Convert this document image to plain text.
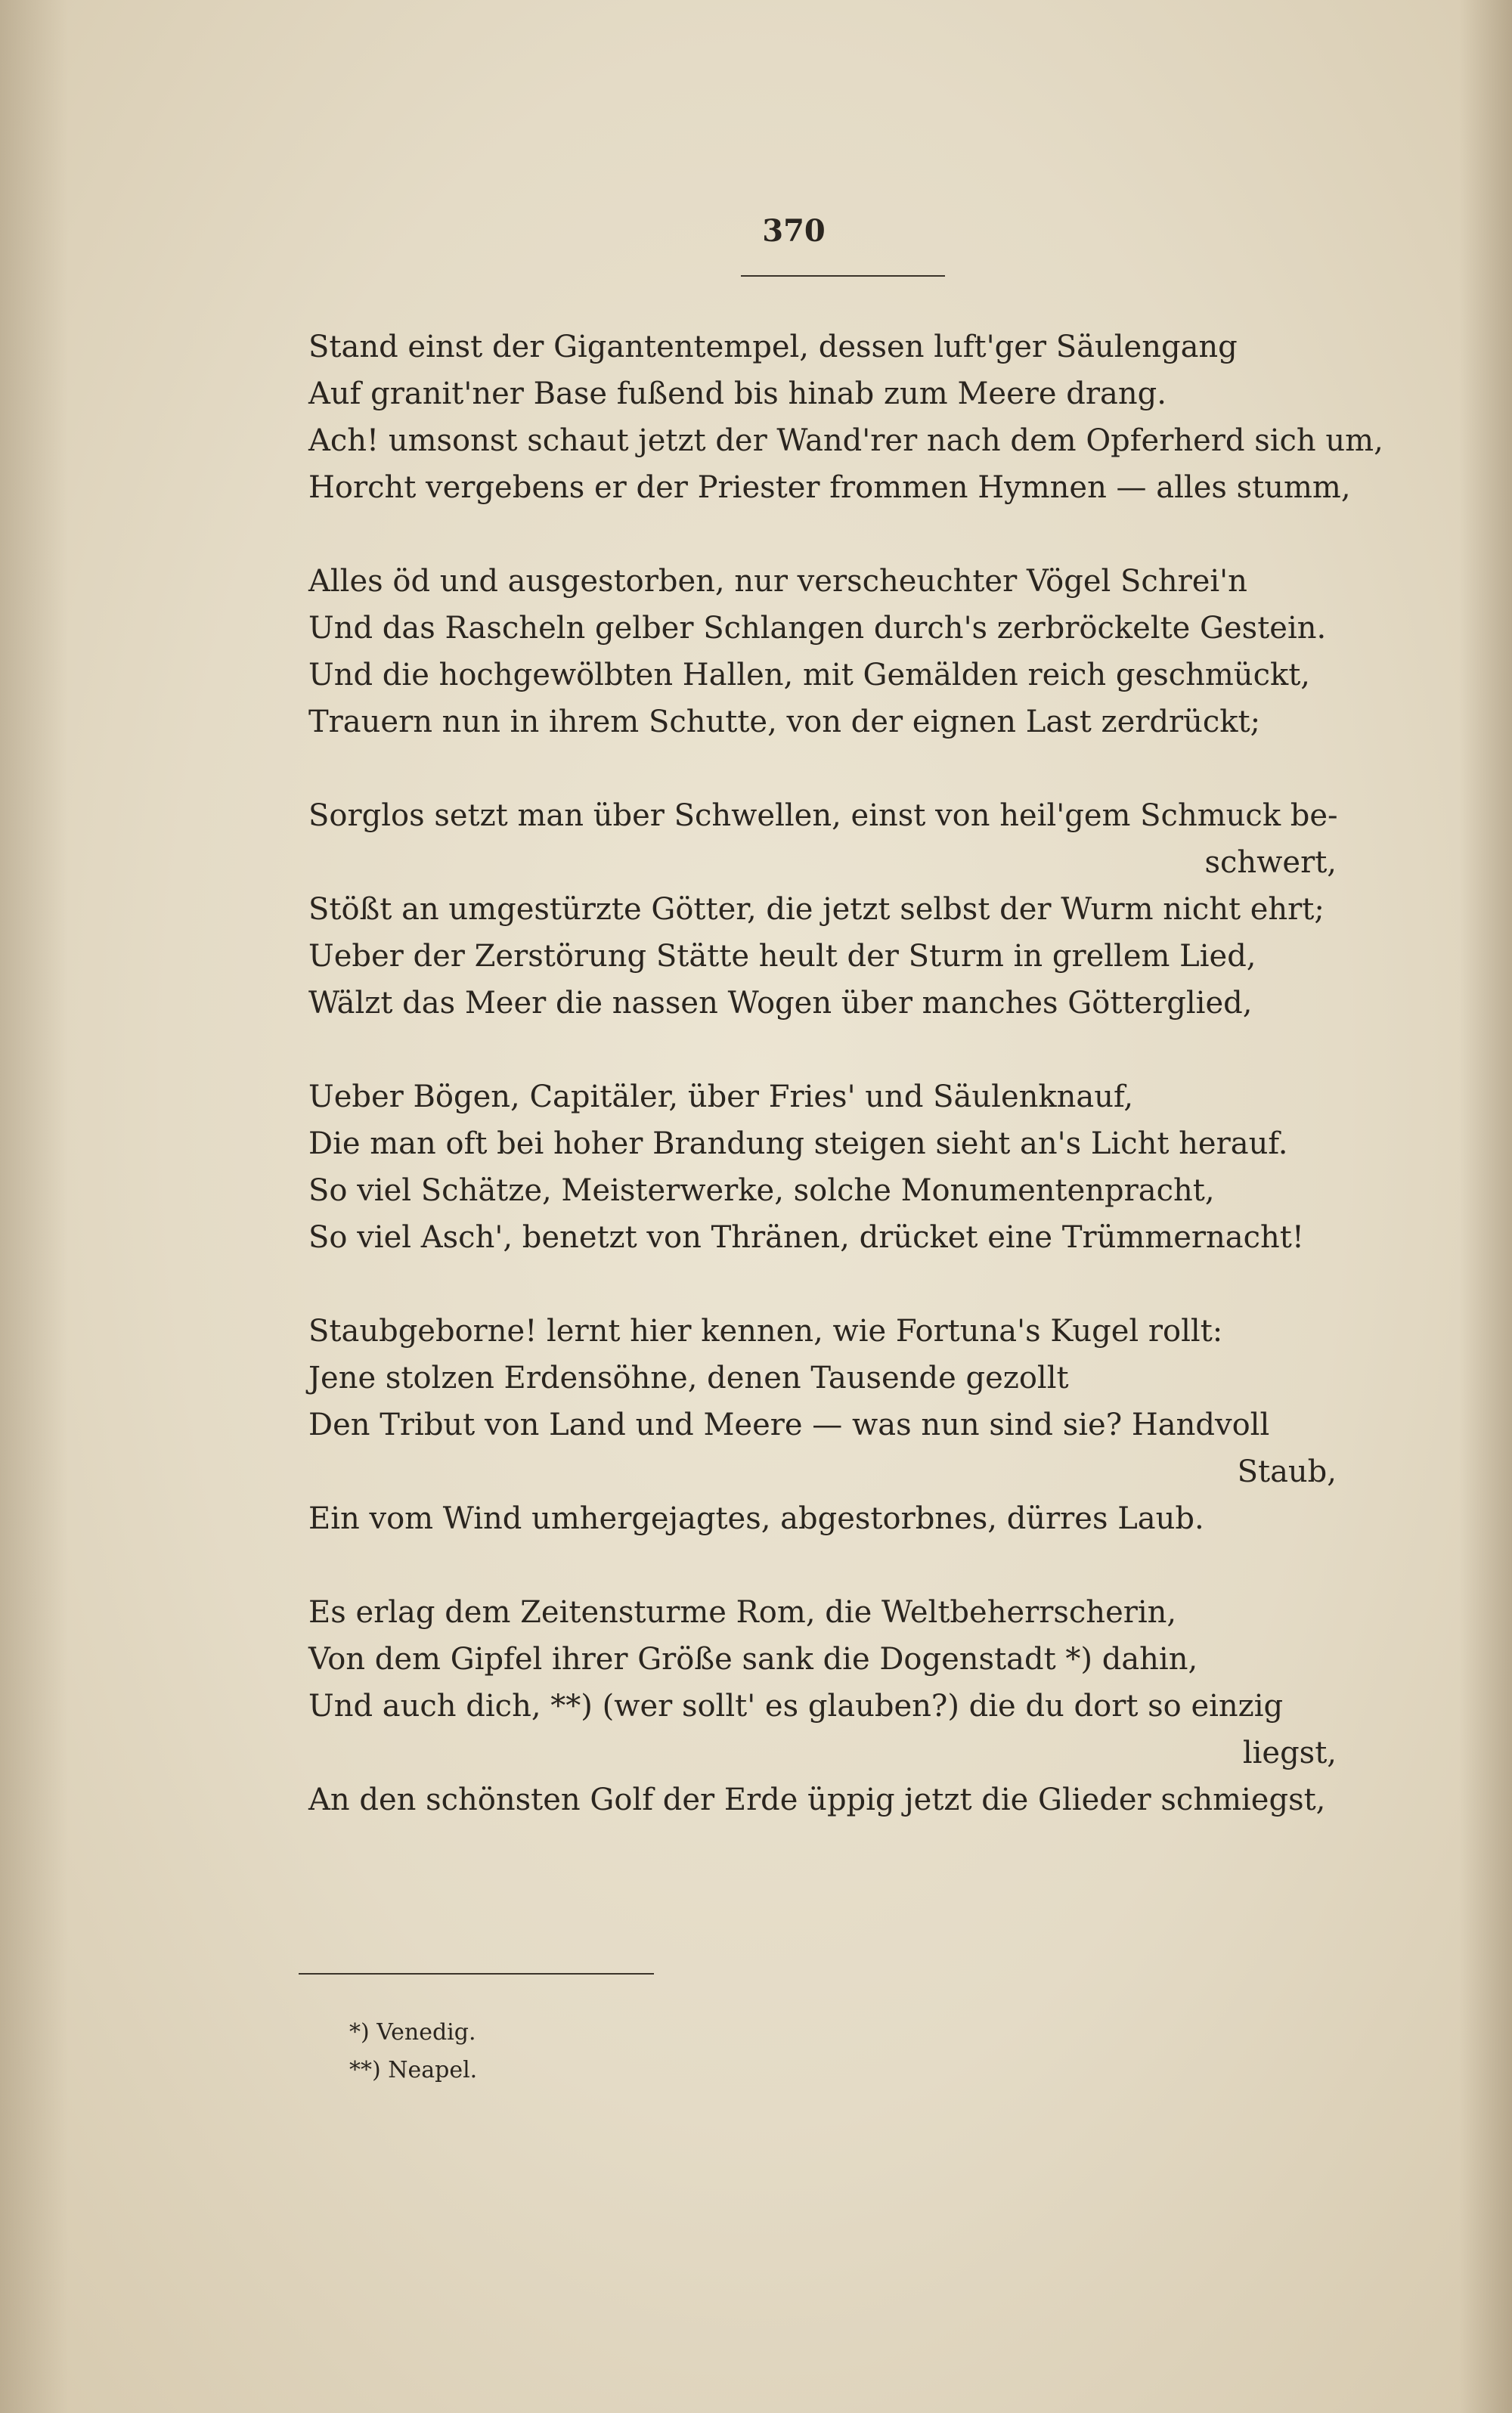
370
Stand einst der Gigantentempel, dessen luft'ger Säulengang
Auf granit'ner Base fußend bis hinab zum Meere drang.
Ach! umsonst schaut jetzt der Wand'rer nach dem Opferherd sich um,
Horcht vergebens er der Priester frommen Hymnen — alles stumm,
Alles öd und ausgestorben, nur verscheuchter Vögel Schrei'n
Und das Rascheln gelber Schlangen durch's zerbröckelte Gestein.
Und die hochgewölbten Hallen, mit Gemälden reich geschmückt,
Trauern nun in ihrem Schutte, von der eignen Last zerdrückt;
Sorglos setzt man über Schwellen, einst von heil'gem Schmuck be-
schwert,
Stößt an umgestürzte Götter, die jetzt selbst der Wurm nicht ehrt;
Ueber der Zerstörung Stätte heult der Sturm in grellem Lied,
Wälzt das Meer die nassen Wogen über manches Götterglied,
Ueber Bögen, Capitäler, über Fries' und Säulenknauf,
Die man oft bei hoher Brandung steigen sieht an's Licht herauf.
So viel Schätze, Meisterwerke, solche Monumentenpracht,
So viel Asch', benetzt von Thränen, drücket eine Trümmernacht!
Staubgeborne! lernt hier kennen, wie Fortuna's Kugel rollt:
Jene stolzen Erdensöhne, denen Tausende gezollt
Den Tribut von Land und Meere — was nun sind sie? Handvoll
Staub,
Ein vom Wind umhergejagtes, abgestorbnes, dürres Laub.
Es erlag dem Zeitensturme Rom, die Weltbeherrscherin,
Von dem Gipfel ihrer Größe sank die Dogenstadt *) dahin,
Und auch dich, **) (wer sollt' es glauben?) die du dort so einzig
liegst,
An den schönsten Golf der Erde üppig jetzt die Glieder schmiegst,
*) Venedig.
**) Neapel.
